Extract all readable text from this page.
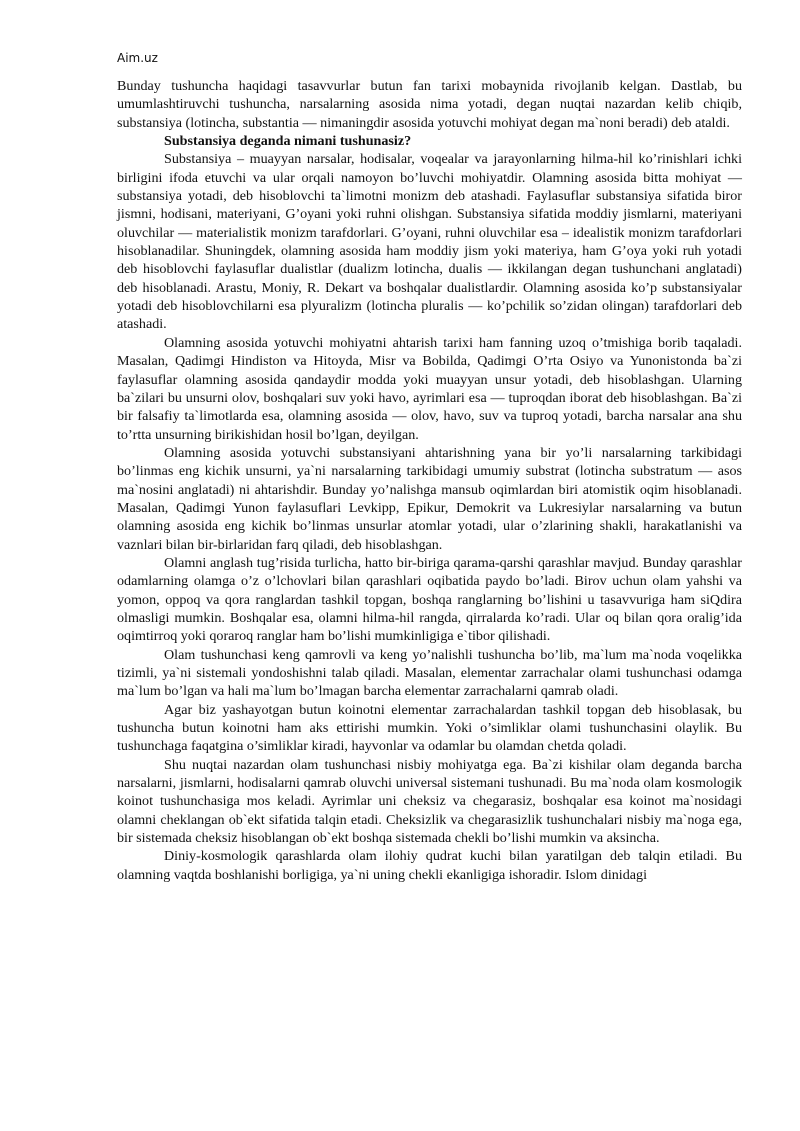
Aim.uz

Bunday tushuncha haqidagi tasavvurlar butun fan tarixi mobaynida rivojlanib kelgan. Dastlab, bu umumlashtiruvchi tushuncha, narsalarning asosida nima yotadi, degan nuqtai nazardan kelib chiqib, substansiya (lotincha, substantia — nimaningdir asosida yotuvchi mohiyat degan ma`noni beradi) deb ataldi.

Substansiya deganda nimani tushunasiz?

Substansiya – muayyan narsalar, hodisalar, voqealar va jarayonlarning hilma-hil ko’rinishlari ichki birligini ifoda etuvchi va ular orqali namoyon bo’luvchi mohiyatdir. Olamning asosida bitta mohiyat — substansiya yotadi, deb hisoblovchi ta`limotni monizm deb atashadi. Faylasuflar substansiya sifatida biror jismni, hodisani, materiyani, G’oyani yoki ruhni olishgan. Substansiya sifatida moddiy jismlarni, materiyani oluvchilar — materialistik monizm tarafdorlari. G’oyani, ruhni oluvchilar esa – idealistik monizm tarafdorlari hisoblanadilar. Shuningdek, olamning asosida ham moddiy jism yoki materiya, ham G’oya yoki ruh yotadi deb hisoblovchi faylasuflar dualistlar (dualizm lotincha, dualis — ikkilangan degan tushunchani anglatadi) deb hisoblanadi. Arastu, Moniy, R. Dekart va boshqalar dualistlardir. Olamning asosida ko’p substansiyalar yotadi deb hisoblovchilarni esa plyuralizm (lotincha pluralis — ko’pchilik so’zidan olingan) tarafdorlari deb atashadi.

Olamning asosida yotuvchi mohiyatni ahtarish tarixi ham fanning uzoq o’tmishiga borib taqaladi. Masalan, Qadimgi Hindiston va Hitoyda, Misr va Bobilda, Qadimgi O’rta Osiyo va Yunonistonda ba`zi faylasuflar olamning asosida qandaydir modda yoki muayyan unsur yotadi, deb hisoblashgan. Ularning ba`zilari bu unsurni olov, boshqalari suv yoki havo, ayrimlari esa — tuproqdan iborat deb hisoblashgan. Ba`zi bir falsafiy ta`limotlarda esa, olamning asosida — olov, havo, suv va tuproq yotadi, barcha narsalar ana shu to’rtta unsurning birikishidan hosil bo’lgan, deyilgan.

Olamning asosida yotuvchi substansiyani ahtarishning yana bir yo’li narsalarning tarkibidagi bo’linmas eng kichik unsurni, ya`ni narsalarning tarkibidagi umumiy substrat (lotincha substratum — asos ma`nosini anglatadi) ni ahtarishdir. Bunday yo’nalishga mansub oqimlardan biri atomistik oqim hisoblanadi. Masalan, Qadimgi Yunon faylasuflari Levkipp, Epikur, Demokrit va Lukresiylar narsalarning va butun olamning asosida eng kichik bo’linmas unsurlar atomlar yotadi, ular o’zlarining shakli, harakatlanishi va vaznlari bilan bir-birlaridan farq qiladi, deb hisoblashgan.

Olamni anglash tug’risida turlicha, hatto bir-biriga qarama-qarshi qarashlar mavjud. Bunday qarashlar odamlarning olamga o’z o’lchovlari bilan qarashlari oqibatida paydo bo’ladi. Birov uchun olam yahshi va yomon, oppoq va qora ranglardan tashkil topgan, boshqa ranglarning bo’lishini u tasavvuriga ham siQdira olmasligi mumkin. Boshqalar esa, olamni hilma-hil rangda, qirralarda ko’radi. Ular oq bilan qora oralig’ida oqimtirroq yoki qoraroq ranglar ham bo’lishi mumkinligiga e`tibor qilishadi.

Olam tushunchasi keng qamrovli va keng yo’nalishli tushuncha bo’lib, ma`lum ma`noda voqelikka tizimli, ya`ni sistemali yondoshishni talab qiladi. Masalan, elementar zarrachalar olami tushunchasi odamga ma`lum bo’lgan va hali ma`lum bo’lmagan barcha elementar zarrachalarni qamrab oladi.

Agar biz yashayotgan butun koinotni elementar zarrachalardan tashkil topgan deb hisoblasak, bu tushuncha butun koinotni ham aks ettirishi mumkin. Yoki o’simliklar olami tushunchasini olaylik. Bu tushunchaga faqatgina o’simliklar kiradi, hayvonlar va odamlar bu olamdan chetda qoladi.

Shu nuqtai nazardan olam tushunchasi nisbiy mohiyatga ega. Ba`zi kishilar olam deganda barcha narsalarni, jismlarni, hodisalarni qamrab oluvchi universal sistemani tushunadi. Bu ma`noda olam kosmologik koinot tushunchasiga mos keladi. Ayrimlar uni cheksiz va chegarasiz, boshqalar esa koinot ma`nosidagi olamni cheklangan ob`ekt sifatida talqin etadi. Cheksizlik va chegarasizlik tushunchalari nisbiy ma`noga ega, bir sistemada cheksiz hisoblangan ob`ekt boshqa sistemada chekli bo’lishi mumkin va aksincha.

Diniy-kosmologik qarashlarda olam ilohiy qudrat kuchi bilan yaratilgan deb talqin etiladi. Bu olamning vaqtda boshlanishi borligiga, ya`ni uning chekli ekanligiga ishoradir. Islom dinidagi
